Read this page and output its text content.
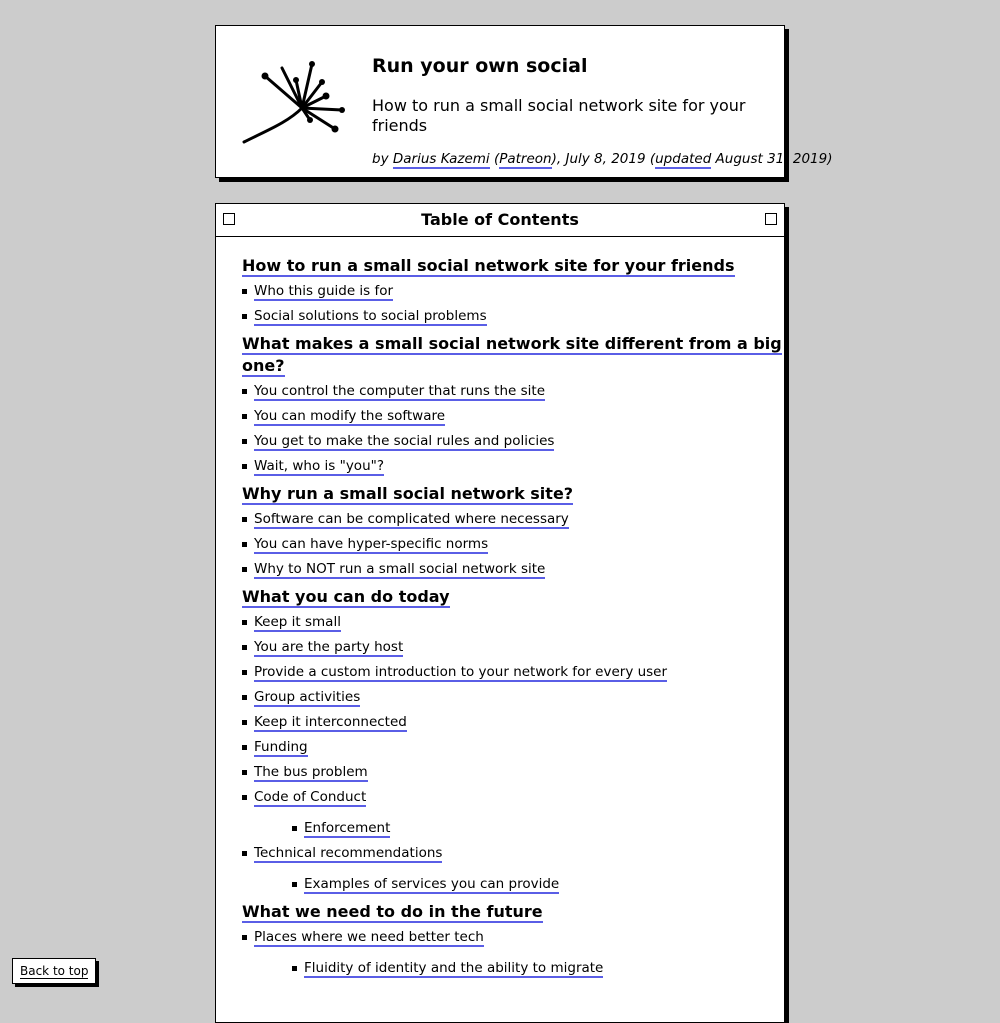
Run your own social

How to run a small social network site for your friends

by Darius Kazemi (Patreon), July 8, 2019 (updated August 31, 2019)

Table of Contents
How to run a small social network site for your friends
Who this guide is for
Social solutions to social problems
What makes a small social network site different from a big one?
You control the computer that runs the site
You can modify the software
You get to make the social rules and policies
Wait, who is "you"?
Why run a small social network site?
Software can be complicated where necessary
You can have hyper-specific norms
Why to NOT run a small social network site
What you can do today
Keep it small
You are the party host
Provide a custom introduction to your network for every user
Group activities
Keep it interconnected
Funding
The bus problem
Code of Conduct
Enforcement
Technical recommendations
Examples of services you can provide
What we need to do in the future
Places where we need better tech
Fluidity of identity and the ability to migrate
Back to top
